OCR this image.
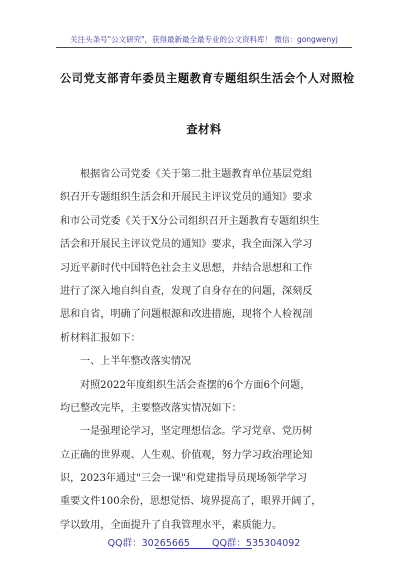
关注头条号"公文研究"，获得最新最全最专业的公文资料库！ 微信：gongwenyj
公司党支部青年委员主题教育专题组织生活会个人对照检
查材料
根据省公司党委《关于第二批主题教育单位基层党组
织召开专题组织生活会和开展民主评议党员的通知》要求
和市公司党委《关于X分公司组织召开主题教育专题组织生
活会和开展民主评议党员的通知》要求，我全面深入学习
习近平新时代中国特色社会主义思想，并结合思想和工作
进行了深入地自纠自查，发现了自身存在的问题，深刻反
思和自省，明确了问题根源和改进措施，现将个人检视剖
析材料汇报如下：
一、上半年整改落实情况
对照2022年度组织生活会查摆的6个方面6个问题，
均已整改完毕，主要整改落实情况如下：
一是强理论学习，坚定理想信念。学习党章、党历树
立正确的世界观、人生观、价值观，努力学习政治理论知
识，2023年通过"三会一课"和党建指导员现场领学学习
重要文件100余份，思想觉悟、境界提高了，眼界开阔了，
学以致用，全面提升了自我管理水平，素质能力。
QQ群：30265665 QQ群：535304092
